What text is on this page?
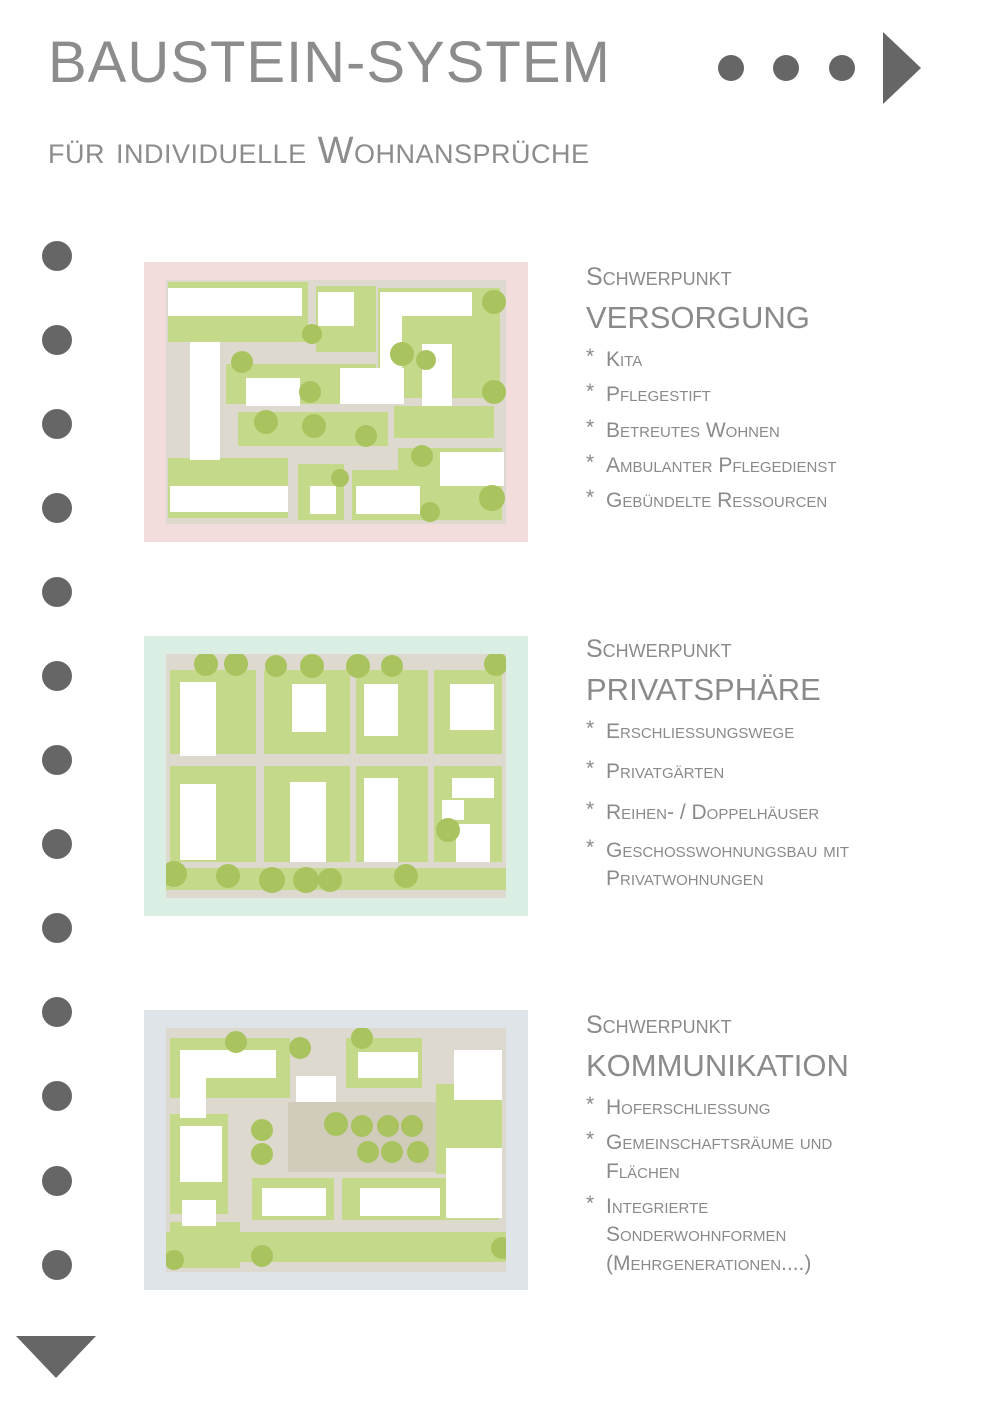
BAUSTEIN-SYSTEM
für individuelle Wohnansprüche
Schwerpunkt
VERSORGUNG
* Kita
* Pflegestift
* Betreutes Wohnen
* Ambulanter Pflegedienst
* Gebündelte Ressourcen
Schwerpunkt
PRIVATSPHÄRE
* Erschliessungswege
* Privatgärten
* Reihen- / Doppelhäuser
* Geschosswohnungsbau mit Privatwohnungen
Schwerpunkt
KOMMUNIKATION
* Hoferschliessung
* Gemeinschaftsräume und Flächen
* Integrierte Sonderwohnformen (Mehrgenerationen....)
